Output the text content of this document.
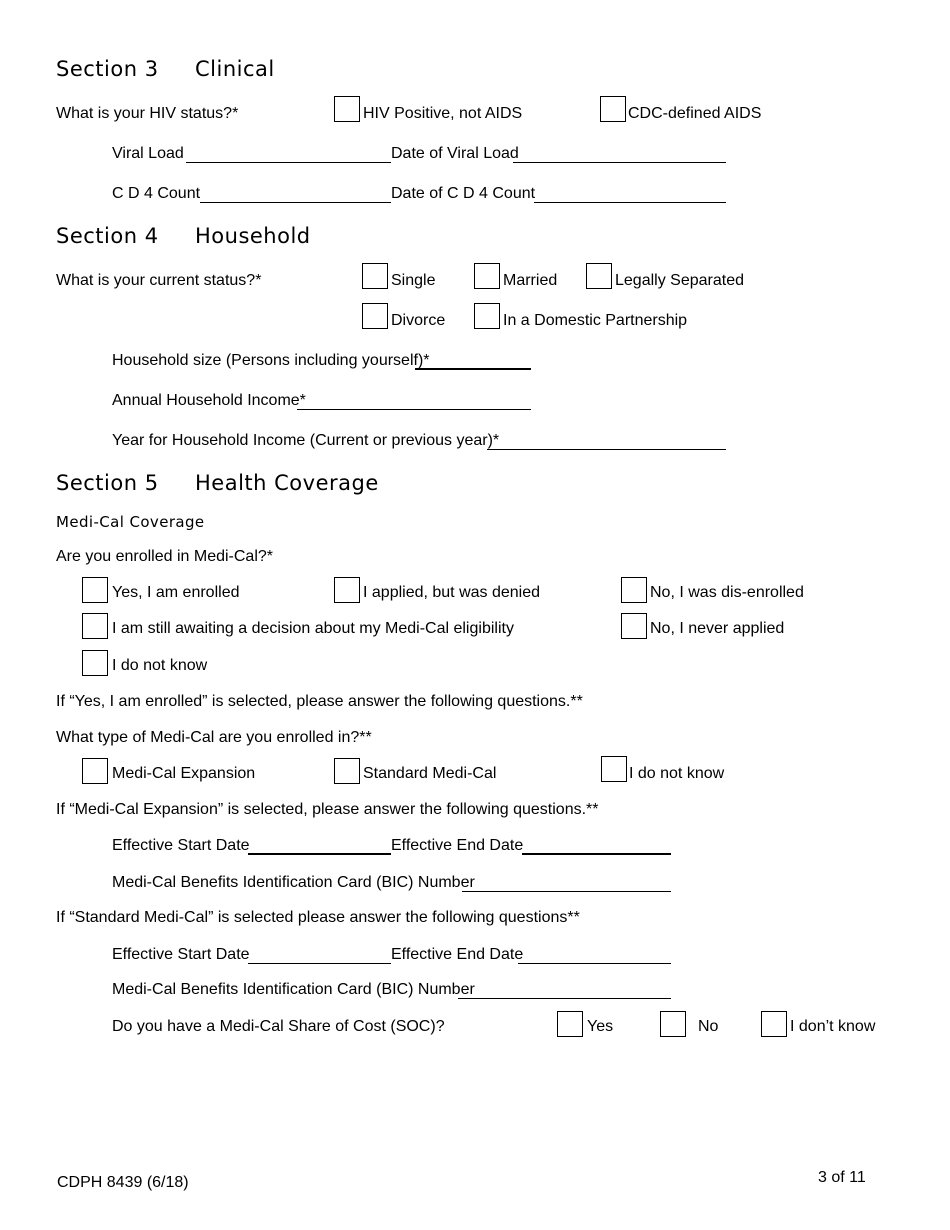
Section 3 Clinical
What is your HIV status?*	HIV Positive, not AIDS	CDC-defined AIDS
Viral Load	Date of Viral Load
C D 4 Count	Date of C D 4 Count
Section 4 Household
What is your current status?*	Single	Married	Legally Separated
Divorce	In a Domestic Partnership
Household size (Persons including yourself)*
Annual Household Income*
Year for Household Income (Current or previous year)*
Section 5 Health Coverage
Medi-Cal Coverage
Are you enrolled in Medi-Cal?*
Yes, I am enrolled	I applied, but was denied	No, I was dis-enrolled
I am still awaiting a decision about my Medi-Cal eligibility	No, I never applied
I do not know
If “Yes, I am enrolled” is selected, please answer the following questions.**
What type of Medi-Cal are you enrolled in?**
Medi-Cal Expansion	Standard Medi-Cal	I do not know
If “Medi-Cal Expansion” is selected, please answer the following questions.**
Effective Start Date	Effective End Date
Medi-Cal Benefits Identification Card (BIC) Number
If “Standard Medi-Cal” is selected please answer the following questions**
Effective Start Date	Effective End Date
Medi-Cal Benefits Identification Card (BIC) Number
Do you have a Medi-Cal Share of Cost (SOC)?	Yes	No	I don’t know
CDPH 8439 (6/18)	3 of 11
